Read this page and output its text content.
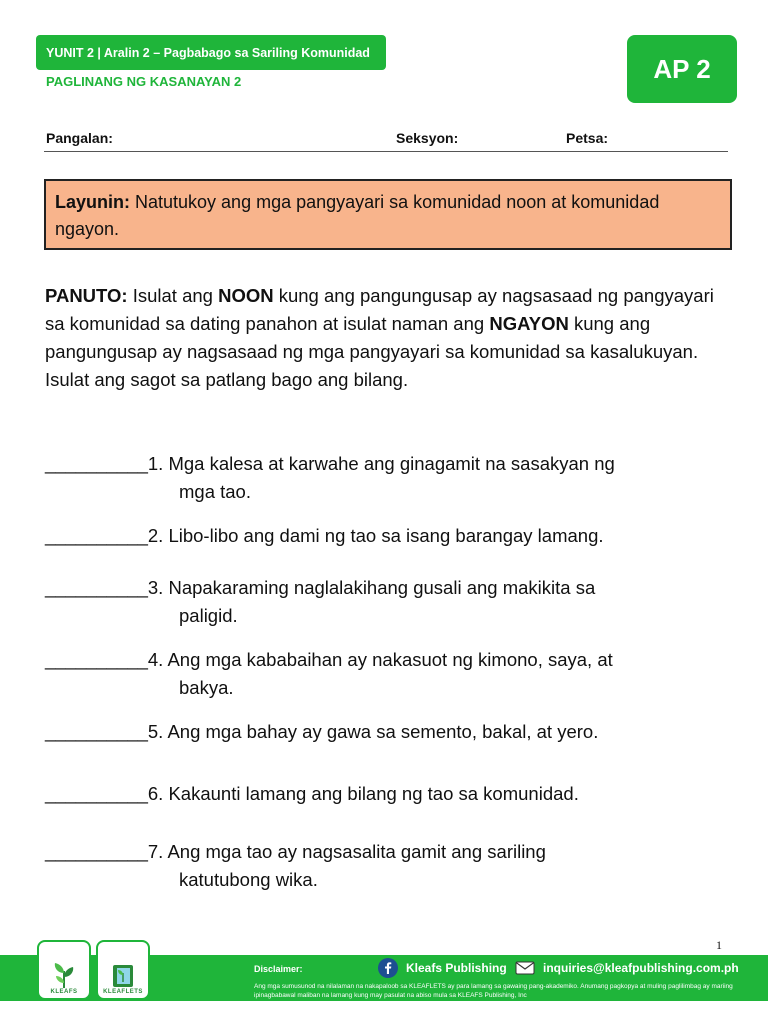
YUNIT 2 | Aralin 2 – Pagbabago sa Sariling Komunidad
PAGLINANG NG KASANAYAN 2	AP 2
Pangalan:	Seksyon:	Petsa:
Layunin: Natutukoy ang mga pangyayari sa komunidad noon at komunidad ngayon.
PANUTO: Isulat ang NOON kung ang pangungusap ay nagsasaad ng pangyayari sa komunidad sa dating panahon at isulat naman ang NGAYON kung ang pangungusap ay nagsasaad ng mga pangyayari sa komunidad sa kasalukuyan. Isulat ang sagot sa patlang bago ang bilang.
__________1. Mga kalesa at karwahe ang ginagamit na sasakyan ng
mga tao.
__________2. Libo-libo ang dami ng tao sa isang barangay lamang.
__________3. Napakaraming naglalakihang gusali ang makikita sa
paligid.
__________4. Ang mga kababaihan ay nakasuot ng kimono, saya, at
bakya.
__________5. Ang mga bahay ay gawa sa semento, bakal, at yero.
__________6. Kakaunti lamang ang bilang ng tao sa komunidad.
__________7. Ang mga tao ay nagsasalita gamit ang sariling
katutubong wika.
1
KLEAFS	KLEAFLETS
Disclaimer:
Ang mga sumusunod na nilalaman na nakapaloob sa KLEAFLETS ay para lamang sa gawaing pang-akademiko. Anumang pagkopya at muling paglilimbag ay mariing ipinagbabawal maliban na lamang kung may pasulat na abiso mula sa KLEAFS Publishing, Inc
Kleafs Publishing	inquiries@kleafpublishing.com.ph
